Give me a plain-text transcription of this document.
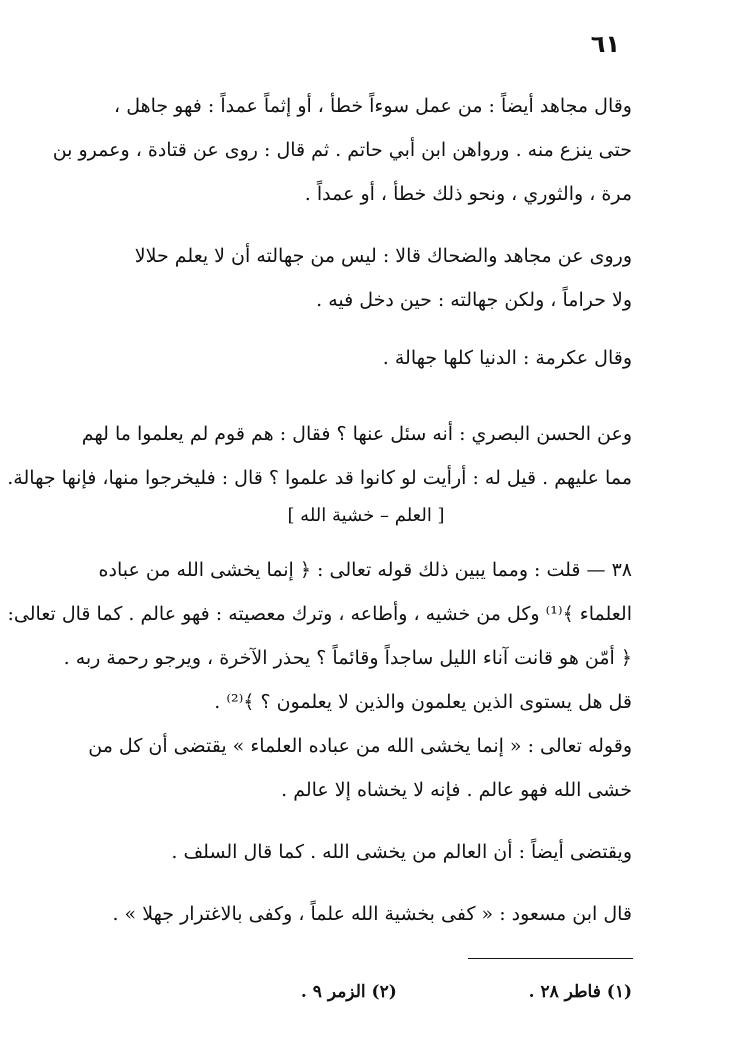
٦١
وقال مجاهد أيضاً : من عمل سوءاً خطأ ، أو إثماً عمداً : فهو جاهل ،
حتى ينزع منه . ورواهن ابن أبي حاتم . ثم قال : روى عن قتادة ، وعمرو بن
مرة ، والثوري ، ونحو ذلك خطأ ، أو عمداً .
وروى عن مجاهد والضحاك قالا : ليس من جهالته أن لا يعلم حلالا
ولا حراماً ، ولكن جهالته : حين دخل فيه .
وقال عكرمة : الدنيا كلها جهالة .
وعن الحسن البصري : أنه سئل عنها ؟ فقال : هم قوم لم يعلموا ما لهم
مما عليهم . قيل له : أرأيت لو كانوا قد علموا ؟ قال : فليخرجوا منها، فإنها جهالة.
[ العلم – خشية الله ]
٣٨ — قلت : ومما يبين ذلك قوله تعالى : ﴿ إنما يخشى الله من عباده
العلماء ﴾⁽¹⁾ وكل من خشيه ، وأطاعه ، وترك معصيته : فهو عالم . كما قال تعالى:
﴿ أمّن هو قانت آناء الليل ساجداً وقائماً ؟ يحذر الآخرة ، ويرجو رحمة ربه .
قل هل يستوى الذين يعلمون والذين لا يعلمون ؟ ﴾⁽²⁾ .
وقوله تعالى : « إنما يخشى الله من عباده العلماء » يقتضى أن كل من
خشى الله فهو عالم . فإنه لا يخشاه إلا عالم .
ويقتضى أيضاً : أن العالم من يخشى الله . كما قال السلف .
قال ابن مسعود : « كفى بخشية الله علماً ، وكفى بالاغترار جهلا » .
(١) فاطر ٢٨ .  (٢) الزمر ٩ .
